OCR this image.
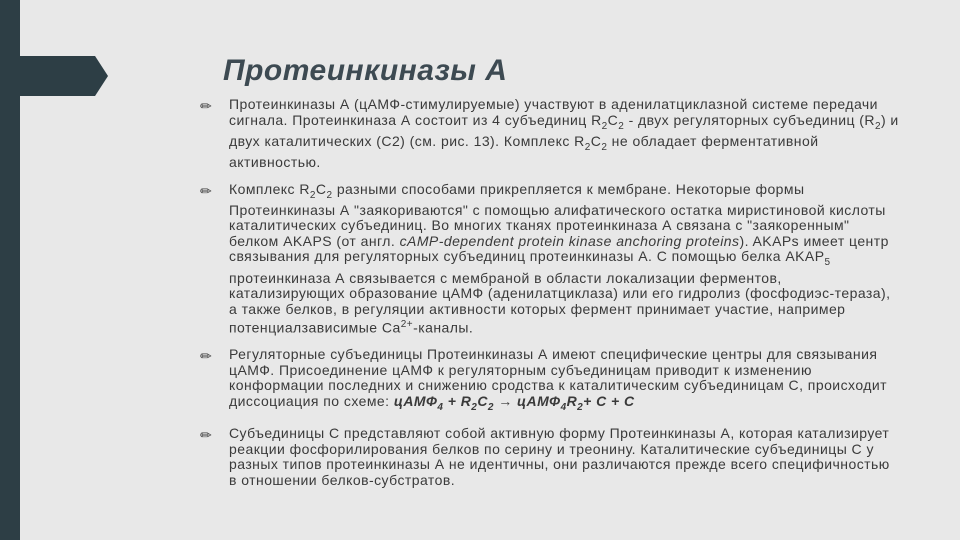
Протеинкиназы А
✏ Протеинкиназы А (цАМФ-стимулируемые) участвуют в аденилатциклазной системе передачи сигнала. Протеинкиназа А состоит из 4 субъединиц $R_2C_2$ - двух регуляторных субъединиц $(R_2)$ и двух каталитических (C2) (см. рис. 13). Комплекс $R_2C_2$ не обладает ферментативной активностью.
✏ Комплекс $R_2C_2$ разными способами прикрепляется к мембране. Некоторые формы Протеинкиназы А "заякориваются" с помощью алифатического остатка миристиновой кислоты каталитических субъединиц. Во многих тканях протеинкиназа А связана с "заякоренным" белком AKAPS (от англ. cAMP-dependent protein kinase anchoring proteins). AKAPs имеет центр связывания для регуляторных субъединиц протеинкиназы А. С помощью белка $AKAP_5$ протеинкиназа А связывается с мембраной в области локализации ферментов, катализирующих образование цАМФ (аденилатциклаза) или его гидролиз (фосфодиэс-тераза), а также белков, в регуляции активности которых фермент принимает участие, например потенциалзависимые $Са^{2+}$-каналы.
✏ Регуляторные субъединицы Протеинкиназы А имеют специфические центры для связывания цАМФ. Присоединение цАМФ к регуляторным субъединицам приводит к изменению конформации последних и снижению сродства к каталитическим субъединицам С, происходит диссоциация по схеме: цАМФ$_4$ + $R_2C_2$ → $цАМФ_4R_2+ C + C$
✏ Субъединицы С представляют собой активную форму Протеинкиназы А, которая катализирует реакции фосфорилирования белков по серину и треонину. Каталитические субъединицы С у разных типов протеинкиназы А не идентичны, они различаются прежде всего специфичностью в отношении белков-субстратов.
